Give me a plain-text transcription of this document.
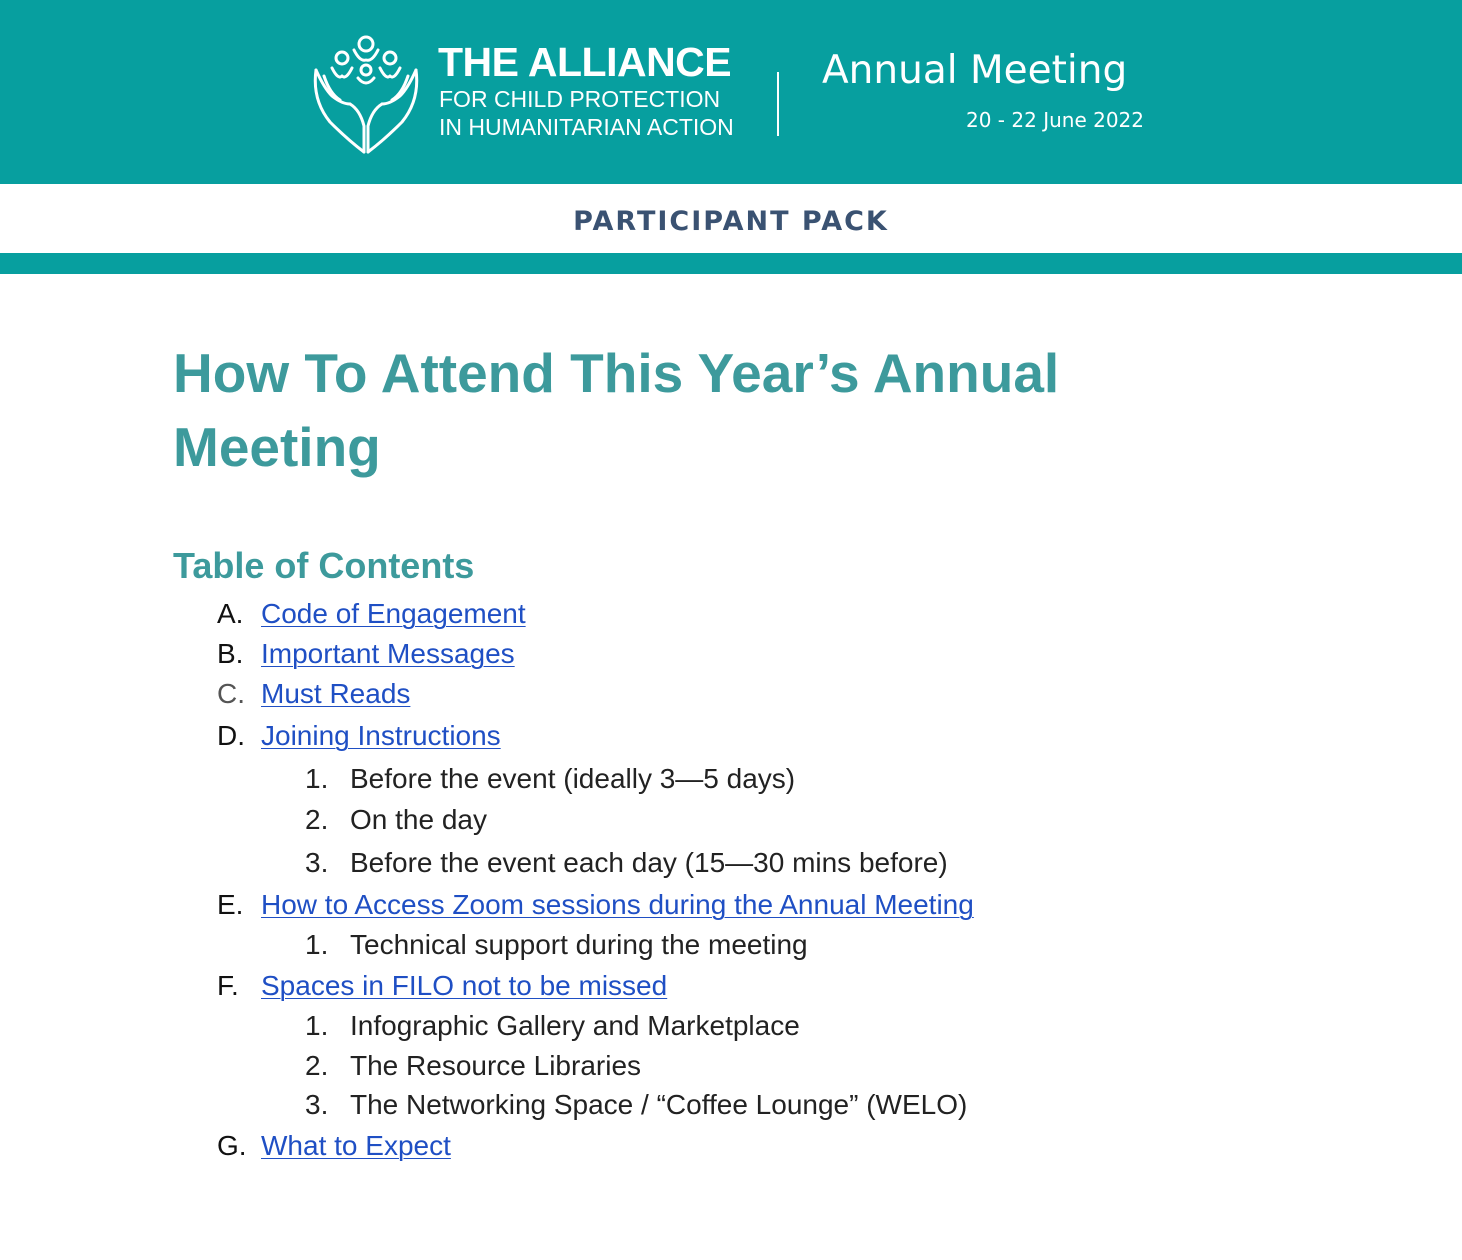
THE ALLIANCE
FOR CHILD PROTECTION
IN HUMANITARIAN ACTION
Annual Meeting
20 - 22 June 2022
PARTICIPANT PACK
How To Attend This Year’s Annual Meeting
Table of Contents
A. Code of Engagement
B. Important Messages
C. Must Reads
D. Joining Instructions
1. Before the event (ideally 3—5 days)
2. On the day
3. Before the event each day (15—30 mins before)
E. How to Access Zoom sessions during the Annual Meeting
1. Technical support during the meeting
F. Spaces in FILO not to be missed
1. Infographic Gallery and Marketplace
2. The Resource Libraries
3. The Networking Space / “Coffee Lounge” (WELO)
G. What to Expect
